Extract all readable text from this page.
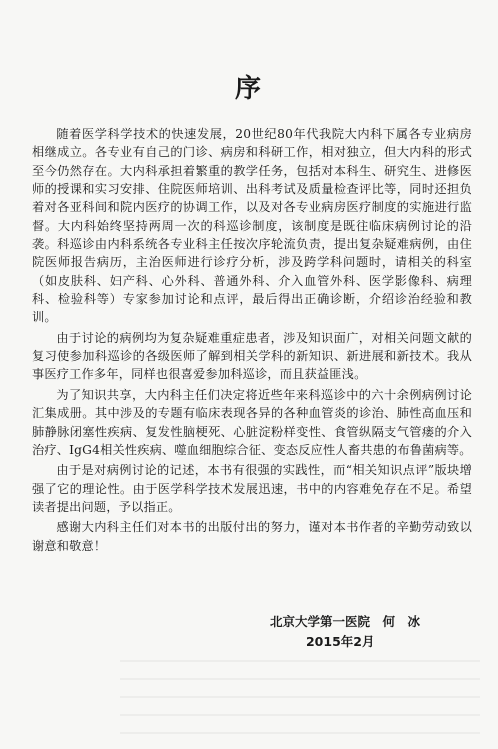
序

随着医学科学技术的快速发展，20世纪80年代我院大内科下属各专业病房相继成立。各专业有自己的门诊、病房和科研工作，相对独立，但大内科的形式至今仍然存在。大内科承担着繁重的教学任务，包括对本科生、研究生、进修医师的授课和实习安排、住院医师培训、出科考试及质量检查评比等，同时还担负着对各亚科间和院内医疗的协调工作，以及对各专业病房医疗制度的实施进行监督。大内科始终坚持两周一次的科巡诊制度，该制度是既往临床病例讨论的沿袭。科巡诊由内科系统各专业科主任按次序轮流负责，提出复杂疑难病例，由住院医师报告病历，主治医师进行诊疗分析，涉及跨学科问题时，请相关的科室（如皮肤科、妇产科、心外科、普通外科、介入血管外科、医学影像科、病理科、检验科等）专家参加讨论和点评，最后得出正确诊断，介绍诊治经验和教训。

由于讨论的病例均为复杂疑难重症患者，涉及知识面广，对相关问题文献的复习使参加科巡诊的各级医师了解到相关学科的新知识、新进展和新技术。我从事医疗工作多年，同样也很喜爱参加科巡诊，而且获益匪浅。

为了知识共享，大内科主任们决定将近些年来科巡诊中的六十余例病例讨论汇集成册。其中涉及的专题有临床表现各异的各种血管炎的诊治、肺性高血压和肺静脉闭塞性疾病、复发性脑梗死、心脏淀粉样变性、食管纵隔支气管瘘的介入治疗、IgG4相关性疾病、噬血细胞综合征、变态反应性人畜共患的布鲁菌病等。

由于是对病例讨论的记述，本书有很强的实践性，而“相关知识点评”版块增强了它的理论性。由于医学科学技术发展迅速，书中的内容难免存在不足。希望读者提出问题，予以指正。

感谢大内科主任们对本书的出版付出的努力，谨对本书作者的辛勤劳动致以谢意和敬意！

北京大学第一医院　何　冰

2015年2月
